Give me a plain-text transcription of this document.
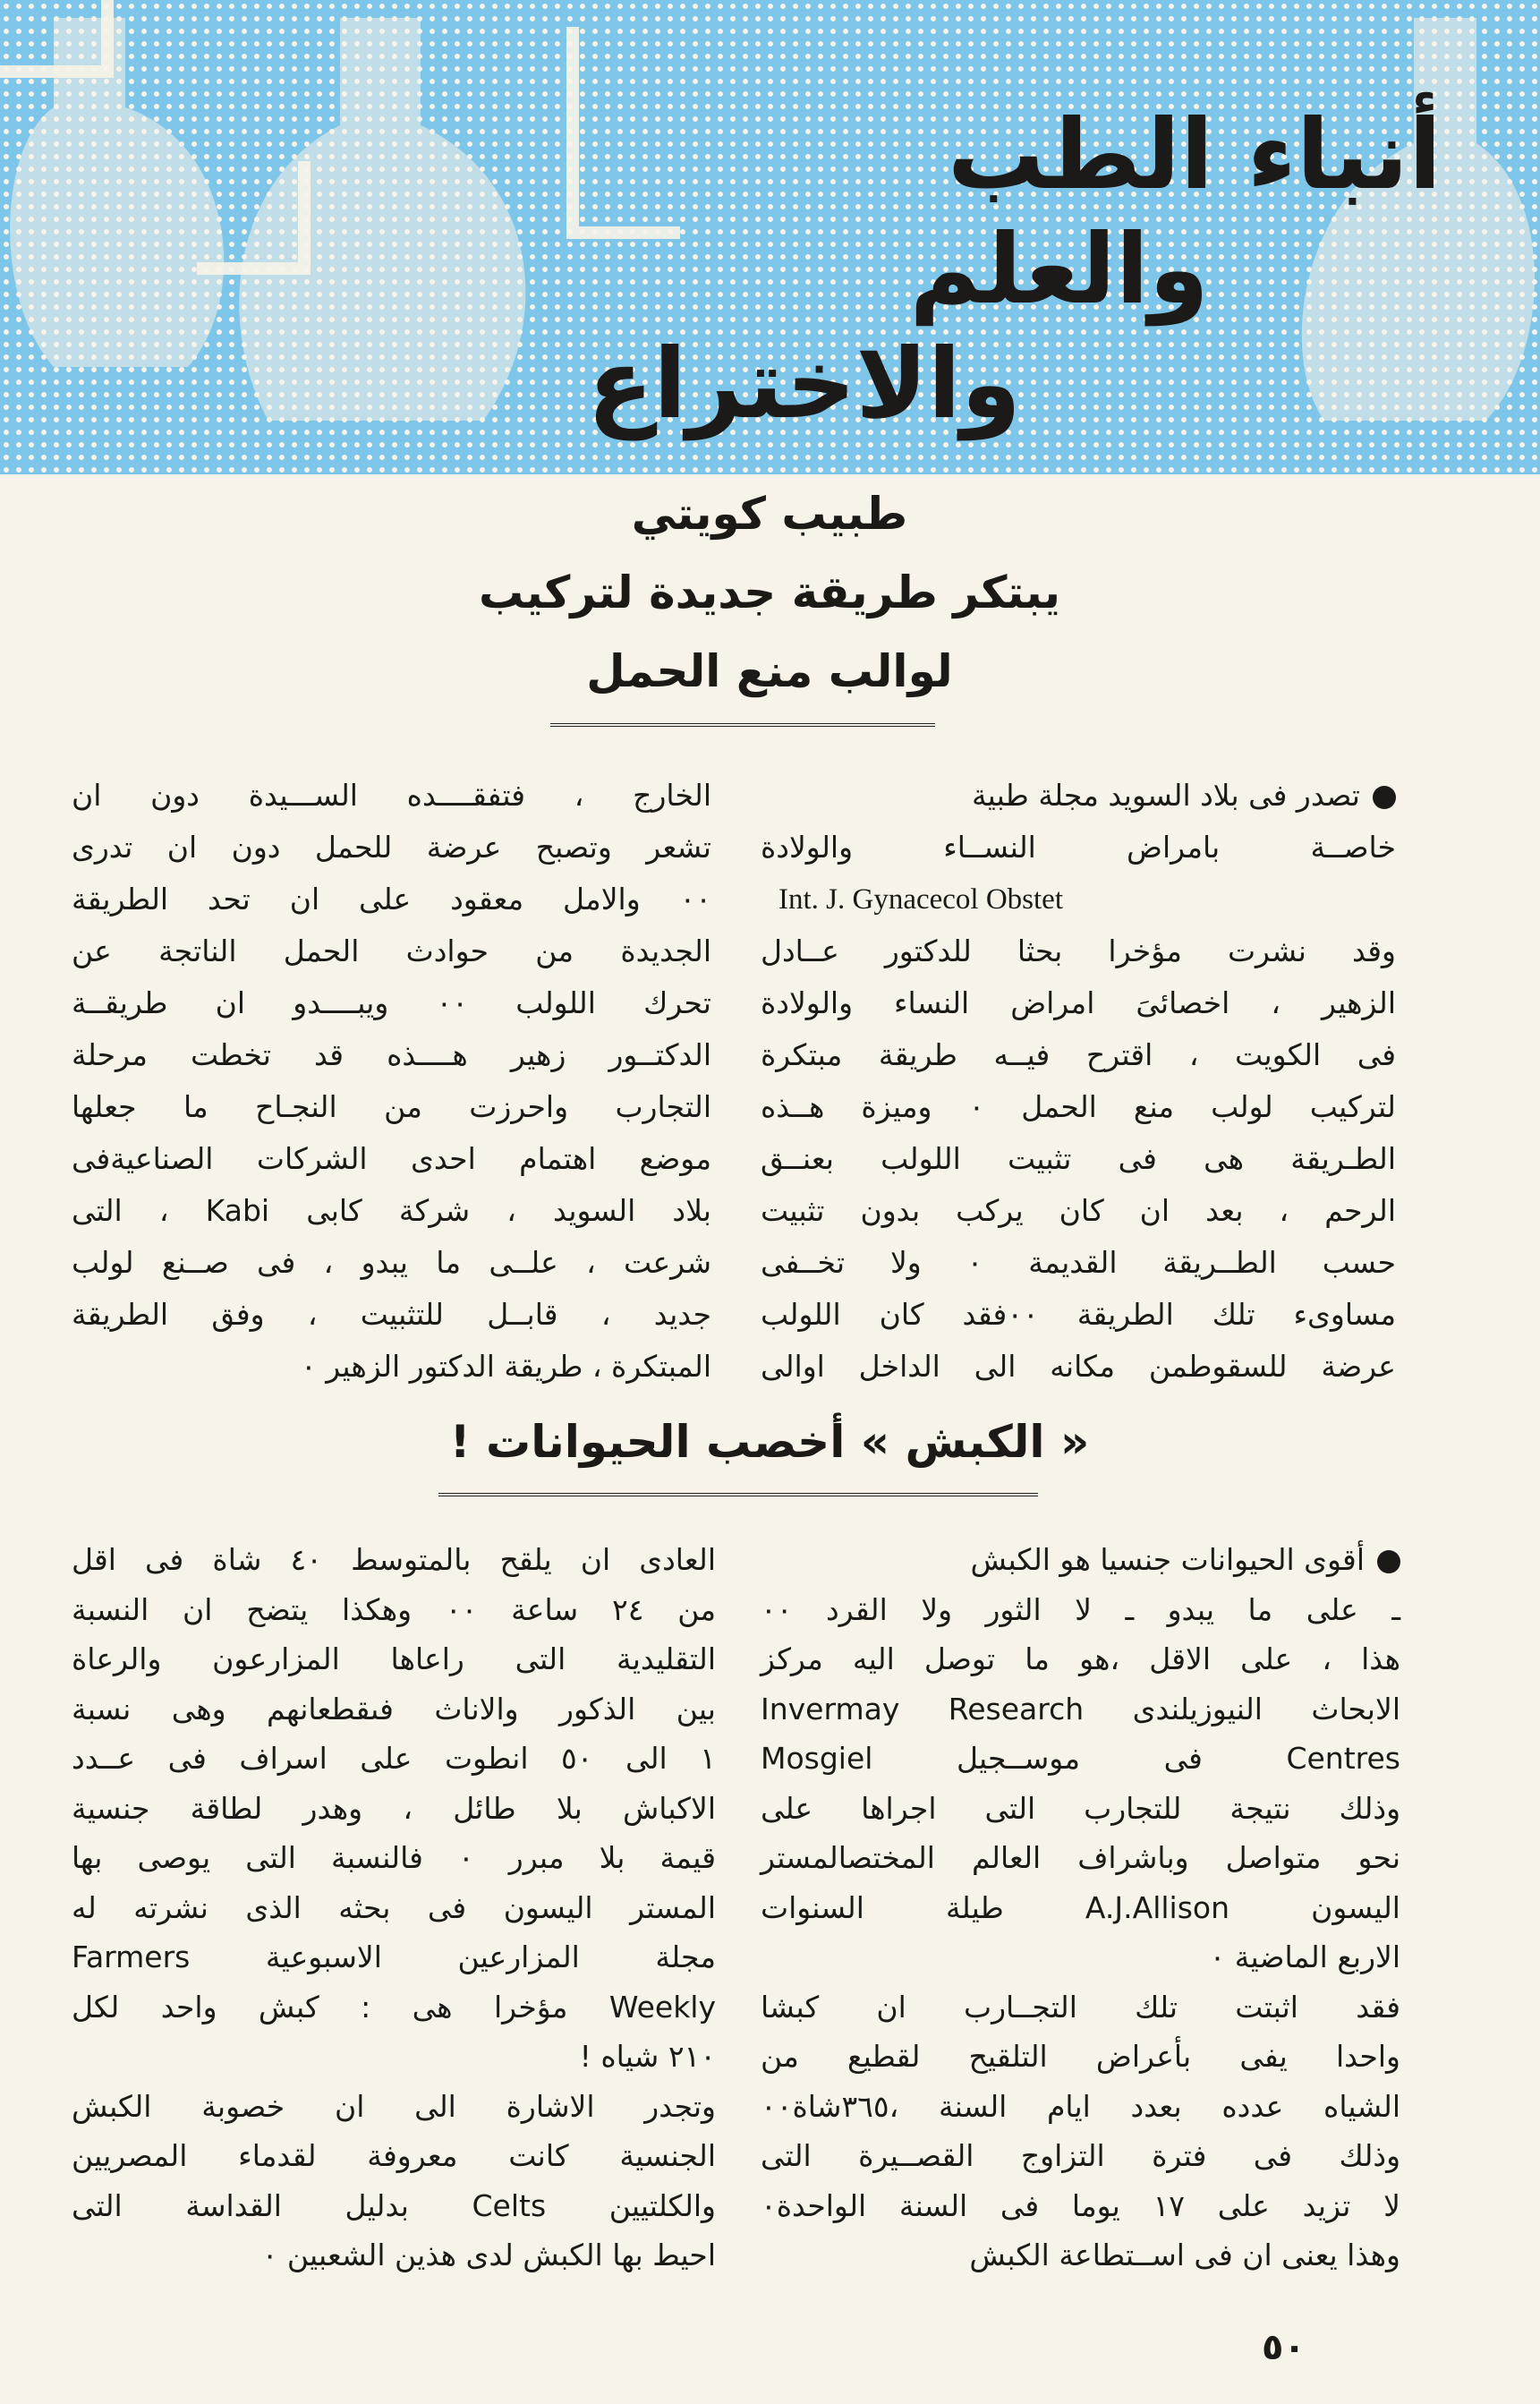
أنباء الطب
والعلم
والاختراع
طبيب كويتي
يبتكر طريقة جديدة لتركيب
لوالب منع الحمل
تصدر فى بلاد السويد مجلة طبية
خاصــة بامراض النســاء والولادة
Int. J. Gynacecol Obstet
وقد نشرت مؤخرا بحثا للدكتور عــادل
الزهير ، اخصائىَ امراض النساء والولادة
فى الكويت ، اقترح فيــه طريقة مبتكرة
لتركيب لولب منع الحمل ٠ وميزة هــذه
الطـريقة هى فى تثبيت اللولب بعنــق
الرحم ، بعد ان كان يركب بدون تثبيت
حسب الطــريقة القديمة ٠ ولا تخــفى
مساوىء تلك الطريقة ٠٠فقد كان اللولب
عرضة للسقوطمن مكانه الى الداخل اوالى
الخارج ، فتفقــــده الســـيدة دون ان
تشعر وتصبح عرضة للحمل دون ان تدرى
٠٠ والامل معقود على ان تحد الطريقة
الجديدة من حوادث الحمل الناتجة عن
تحرك اللولب ٠٠ ويبــــدو ان طريقــة
الدكتــور زهير هــــذه قد تخطت مرحلة
التجارب واحرزت من النجـاح ما جعلها
موضع اهتمام احدى الشركات الصناعيةفى
بلاد السويد ، شركة كابى Kabi ، التى
شرعت ، علــى ما يبدو ، فى صــنع لولب
جديد ، قابــل للتثبيت ، وفق الطريقة
المبتكرة ، طريقة الدكتور الزهير ٠
« الكبش » أخصب الحيوانات !
أقوى الحيوانات جنسيا هو الكبش
ـ على ما يبدو ـ لا الثور ولا القرد ٠٠
هذا ، على الاقل ،هو ما توصل اليه مركز
الابحاث النيوزيلندى Invermay Research
Centres فى موســجيل Mosgiel
وذلك نتيجة للتجارب التى اجراها على
نحو متواصل وباشراف العالم المختصالمستر
اليسون A.J.Allison طيلة السنوات
الاربع الماضية ٠
فقد اثبتت تلك التجــارب ان كبشا
واحدا يفى بأعراض التلقيح لقطيع من
الشياه عدده بعدد ايام السنة ،٣٦٥شاة٠٠
وذلك فى فترة التزاوج القصــيرة التى
لا تزيد على ١٧ يوما فى السنة الواحدة٠
وهذا يعنى ان فى اســتطاعة الكبش
العادى ان يلقح بالمتوسط ٤٠ شاة فى اقل
من ٢٤ ساعة ٠٠ وهكذا يتضح ان النسبة
التقليدية التى راعاها المزارعون والرعاة
بين الذكور والاناث فىقطعانهم وهى نسبة
١ الى ٥٠ انطوت على اسراف فى عــدد
الاكباش بلا طائل ، وهدر لطاقة جنسية
قيمة بلا مبرر ٠ فالنسبة التى يوصى بها
المستر اليسون فى بحثه الذى نشرته له
مجلة المزارعين الاسبوعية Farmers
Weekly مؤخرا هى : كبش واحد لكل
٢١٠ شياه !
وتجدر الاشارة الى ان خصوبة الكبش
الجنسية كانت معروفة لقدماء المصريين
والكلتيين Celts بدليل القداسة التى
احيط بها الكبش لدى هذين الشعبين ٠
٥٠
